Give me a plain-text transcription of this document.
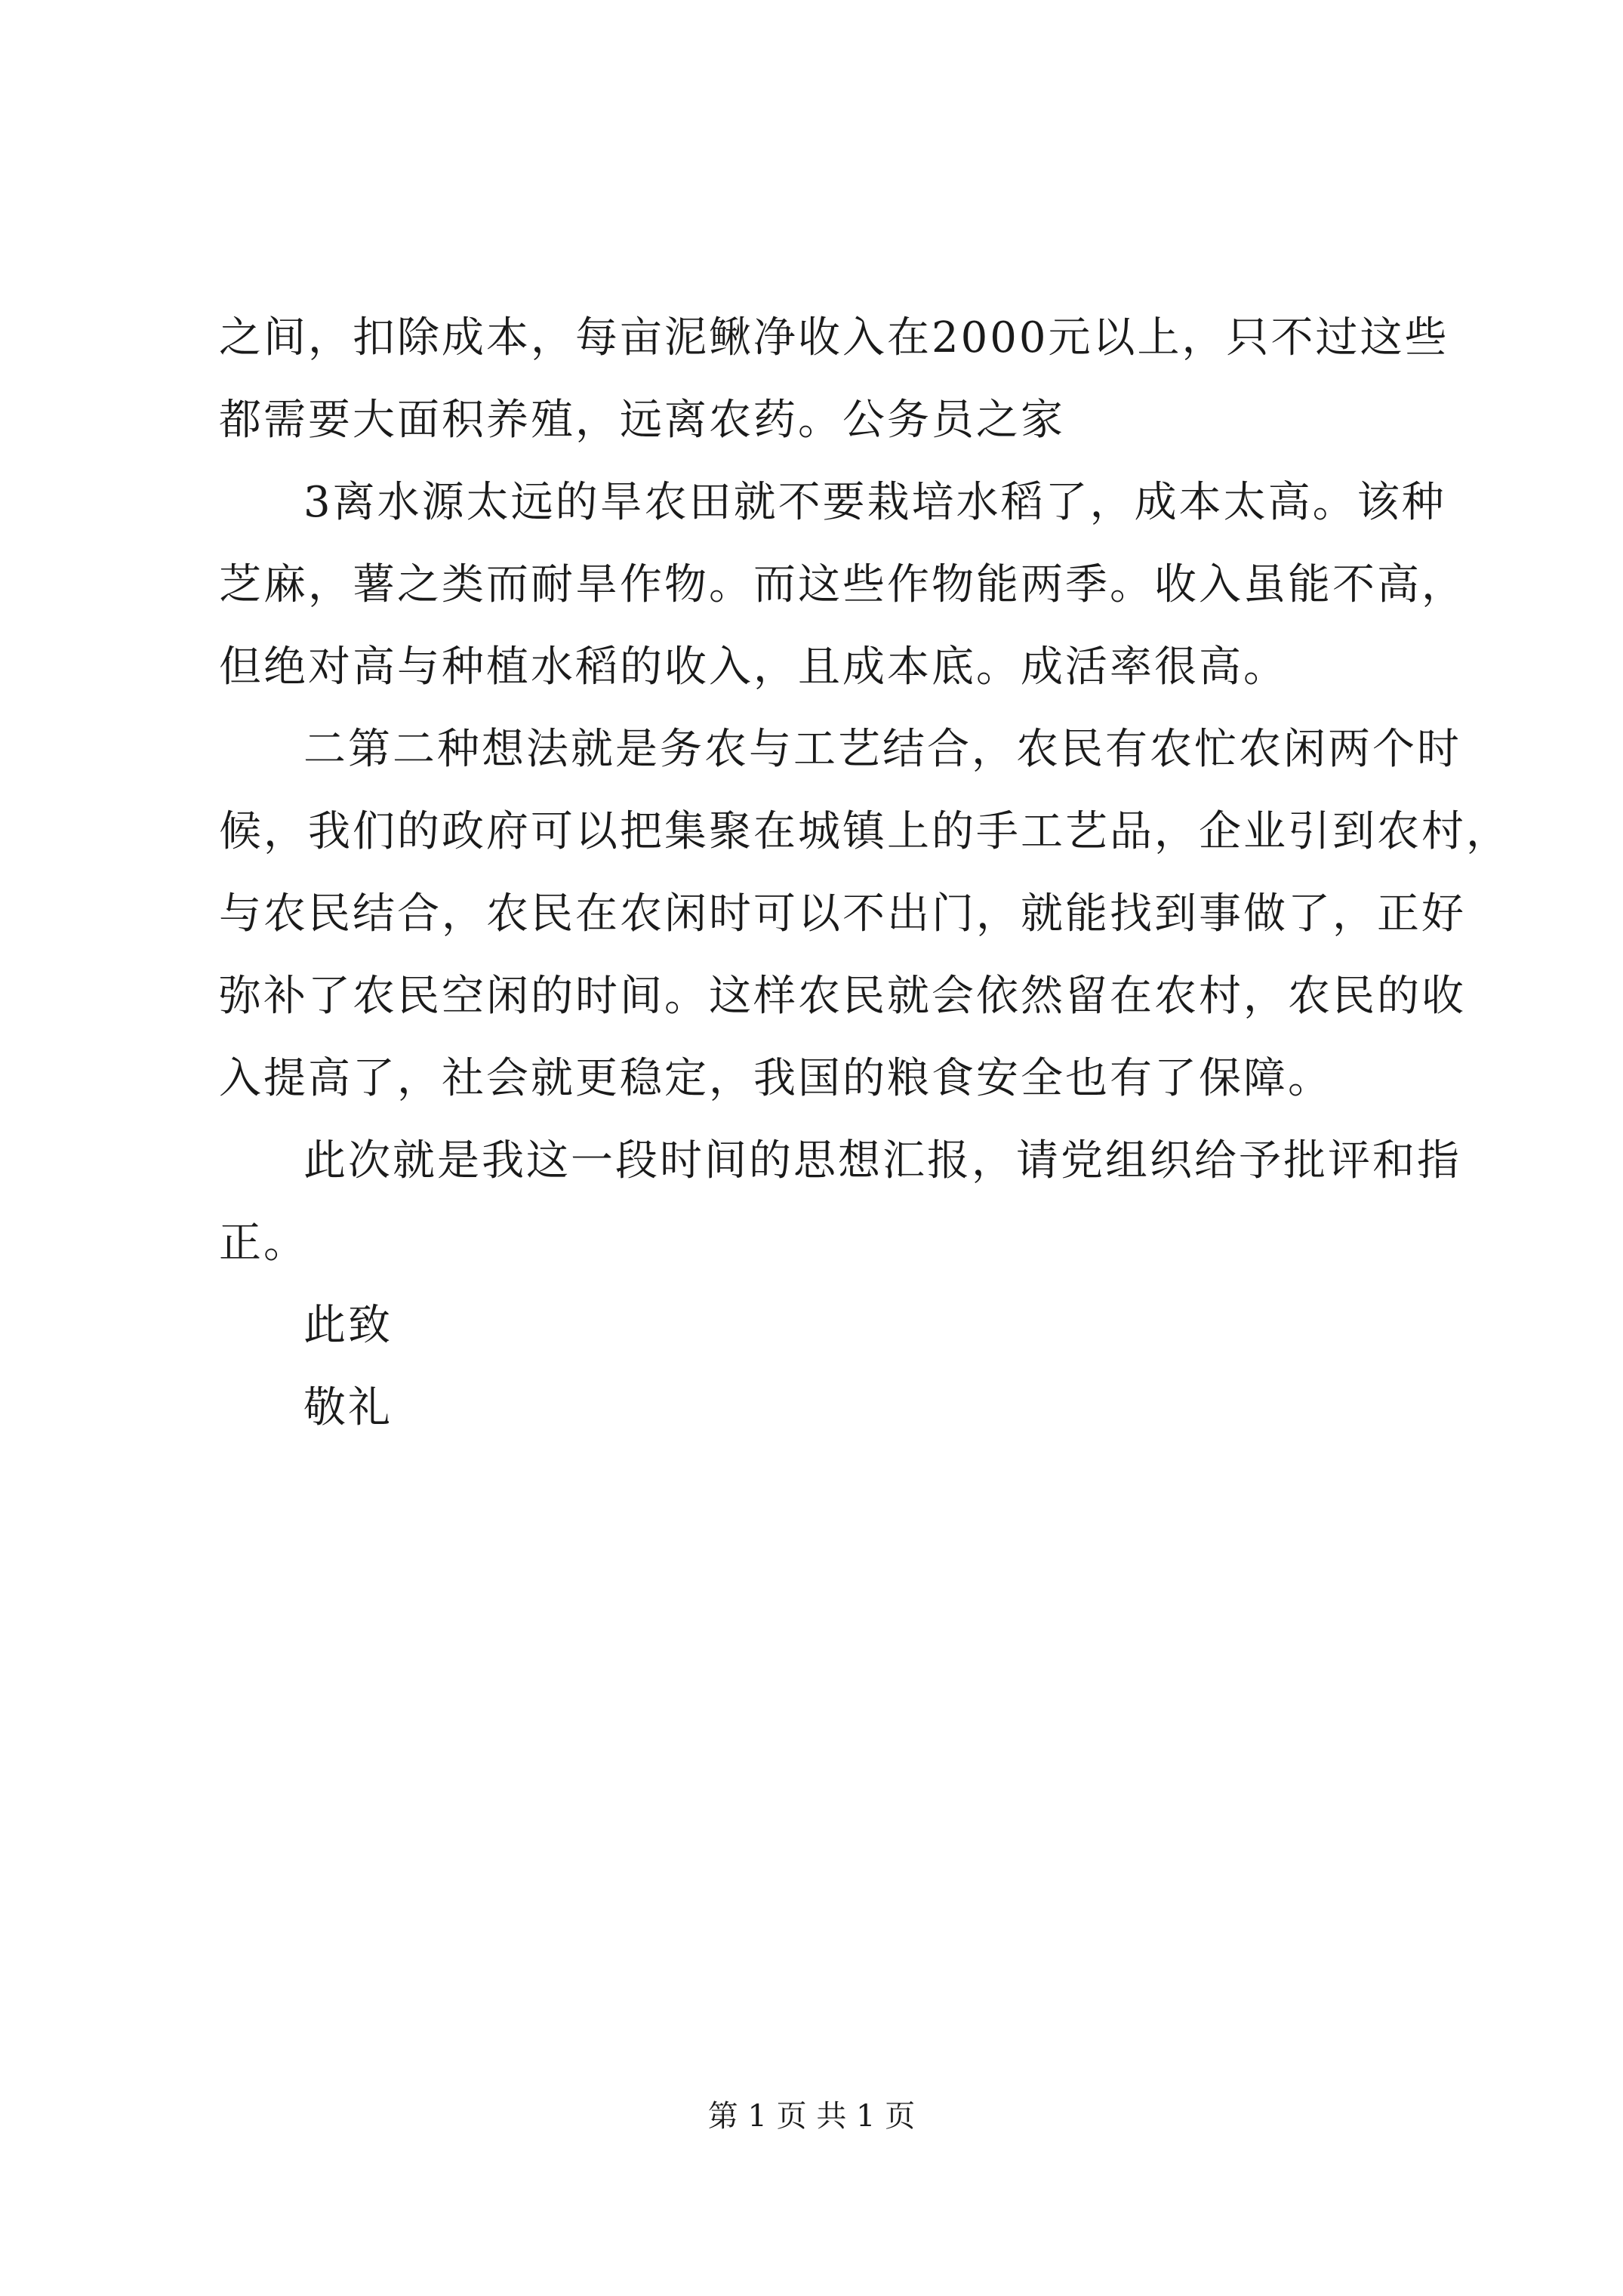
之间，扣除成本，每亩泥鳅净收入在2000元以上，只不过这些
都需要大面积养殖，远离农药。公务员之家
3离水源太远的旱农田就不要栽培水稻了，成本太高。该种
芝麻，薯之类而耐旱作物。而这些作物能两季。收入虽能不高，
但绝对高与种植水稻的收入，且成本底。成活率很高。
二第二种想法就是务农与工艺结合，农民有农忙农闲两个时
候，我们的政府可以把集聚在城镇上的手工艺品，企业引到农村，
与农民结合，农民在农闲时可以不出门，就能找到事做了，正好
弥补了农民空闲的时间。这样农民就会依然留在农村，农民的收
入提高了，社会就更稳定，我国的粮食安全也有了保障。
此次就是我这一段时间的思想汇报，请党组织给予批评和指
正。
此致
敬礼
第 1 页 共 1 页
